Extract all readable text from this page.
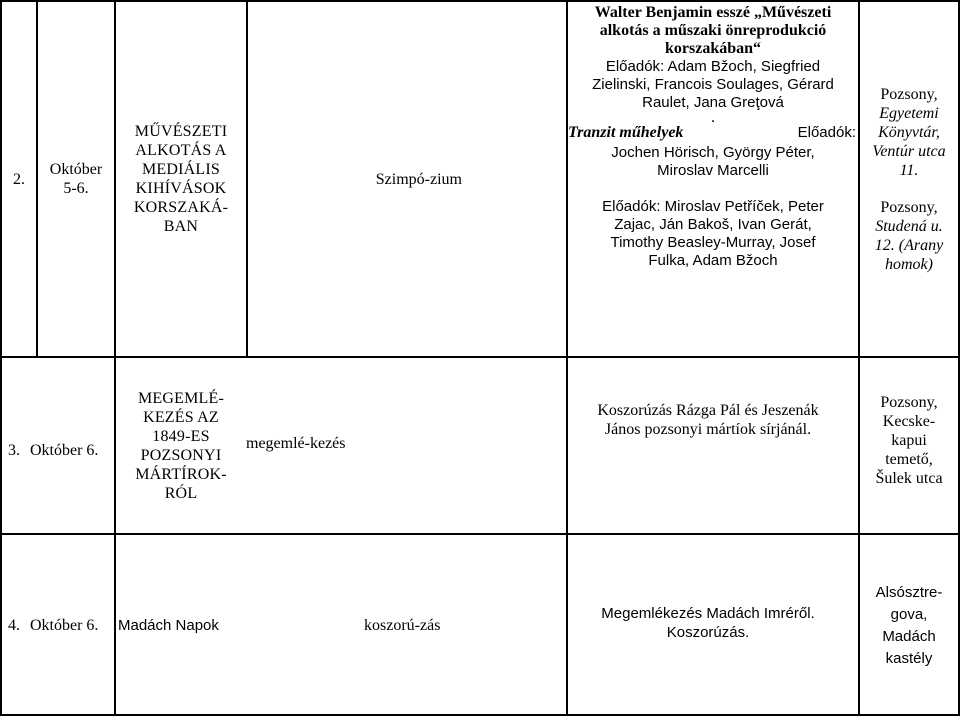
2.
Október
5-6.
MŰVÉSZETI
ALKOTÁS A
MEDIÁLIS
KIHÍVÁSOK
KORSZAKÁ-
BAN
Szimpó-zium
Walter Benjamin esszé „Művészeti
alkotás a műszaki önreprodukció
korszakában“
Előadók: Adam Bžoch, Siegfried
Zielinski, Francois Soulages, Gérard
Raulet, Jana Greţová
.
Tranzit műhelyek	Előadók:
Jochen Hörisch, György Péter,
Miroslav Marcelli
Előadók: Miroslav Petříček, Peter
Zajac, Ján Bakoš, Ivan Gerát,
Timothy Beasley-Murray, Josef
Fulka, Adam Bžoch
Pozsony,
Egyetemi
Könyvtár,
Ventúr utca
11.
Pozsony,
Studená u.
12. (Arany
homok)
3. Október 6.
MEGEMLÉ-
KEZÉS AZ
1849-ES
POZSONYI
MÁRTÍROK-
RÓL
megemlé-kezés
Koszorúzás Rázga Pál és Jeszenák
János pozsonyi mártíok sírjánál.
Pozsony,
Kecske-
kapui
temető,
Šulek utca
4. Október 6. Madách Napok	koszorú-zás
Megemlékezés Madách Imréről.
Koszorúzás.
Alsósztre-
gova,
Madách
kastély
